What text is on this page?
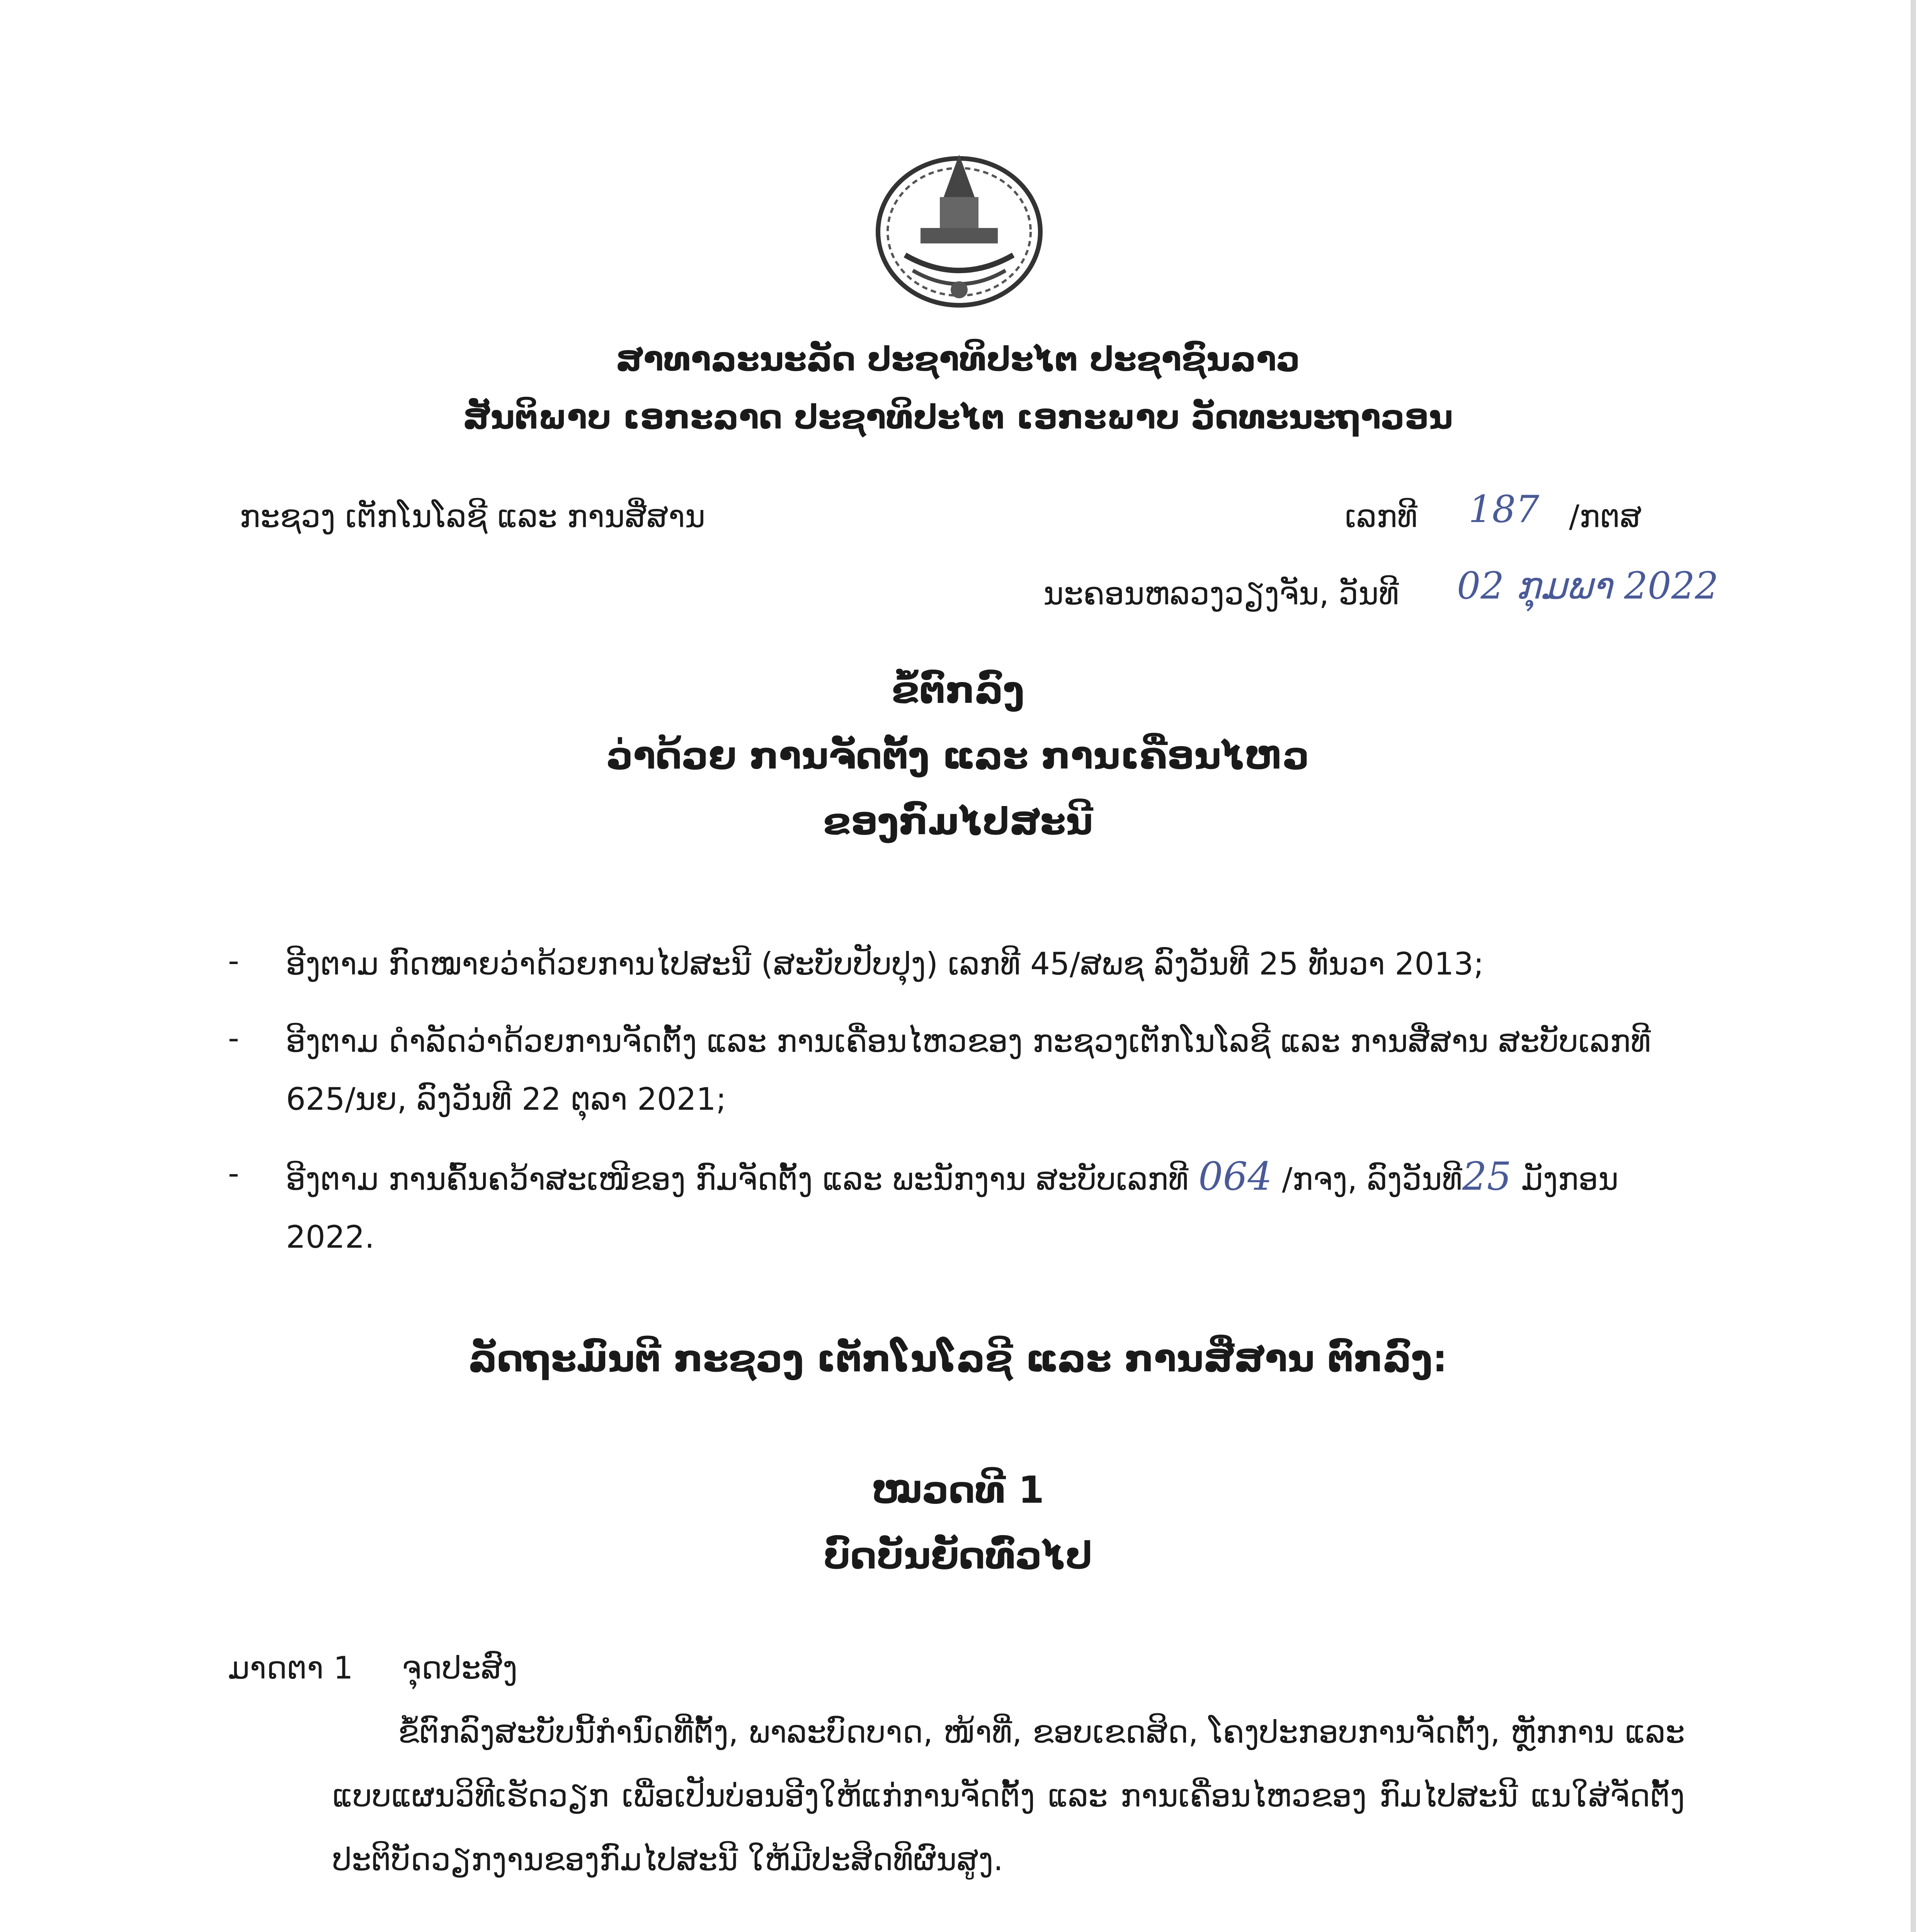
ສາທາລະນະລັດ ປະຊາທິປະໄຕ ປະຊາຊົນລາວ
ສັນຕິພາບ ເອກະລາດ ປະຊາທິປະໄຕ ເອກະພາບ ວັດທະນະຖາວອນ
ກະຊວງ ເຕັກໂນໂລຊີ ແລະ ການສື່ສານ	ເລກທີ 187 /ກຕສ
ນະຄອນຫລວງວຽງຈັນ, ວັນທີ 02 ກຸມພາ 2022
ຂໍ້ຕົກລົງ
ວ່າດ້ວຍ ການຈັດຕັ້ງ ແລະ ການເຄື່ອນໄຫວ
ຂອງກົມໄປສະນີ
- ອີງຕາມ ກົດໝາຍວ່າດ້ວຍການໄປສະນີ (ສະບັບປັບປຸງ) ເລກທີ 45/ສພຊ ລົງວັນທີ 25 ທັນວາ 2013;
- ອີງຕາມ ດຳລັດວ່າດ້ວຍການຈັດຕັ້ງ ແລະ ການເຄື່ອນໄຫວຂອງ ກະຊວງເຕັກໂນໂລຊີ ແລະ ການສື່ສານ ສະບັບເລກທີ 625/ນຍ, ລົງວັນທີ 22 ຕຸລາ 2021;
- ອີງຕາມ ການຄົ້ນຄວ້າສະເໜີຂອງ ກົມຈັດຕັ້ງ ແລະ ພະນັກງານ ສະບັບເລກທີ 064 /ກຈງ, ລົງວັນທີ25 ມັງກອນ 2022.
ລັດຖະມົນຕີ ກະຊວງ ເຕັກໂນໂລຊີ ແລະ ການສື່ສານ ຕົກລົງ:
ໝວດທີ 1
ບົດບັນຍັດທົ່ວໄປ
ມາດຕາ 1 ຈຸດປະສົງ
ຂໍ້ຕົກລົງສະບັບນີ້ກຳນົດທີ່ຕັ້ງ, ພາລະບົດບາດ, ໜ້າທີ່, ຂອບເຂດສິດ, ໂຄງປະກອບການຈັດຕັ້ງ, ຫຼັກການ ແລະ ແບບແຜນວິທີເຮັດວຽກ ເພື່ອເປັນບ່ອນອີງໃຫ້ແກ່ການຈັດຕັ້ງ ແລະ ການເຄື່ອນໄຫວຂອງ ກົມໄປສະນີ ແນໃສ່ຈັດຕັ້ງປະຕິບັດວຽກງານຂອງກົມໄປສະນີ ໃຫ້ມີປະສິດທິຜົນສູງ.
